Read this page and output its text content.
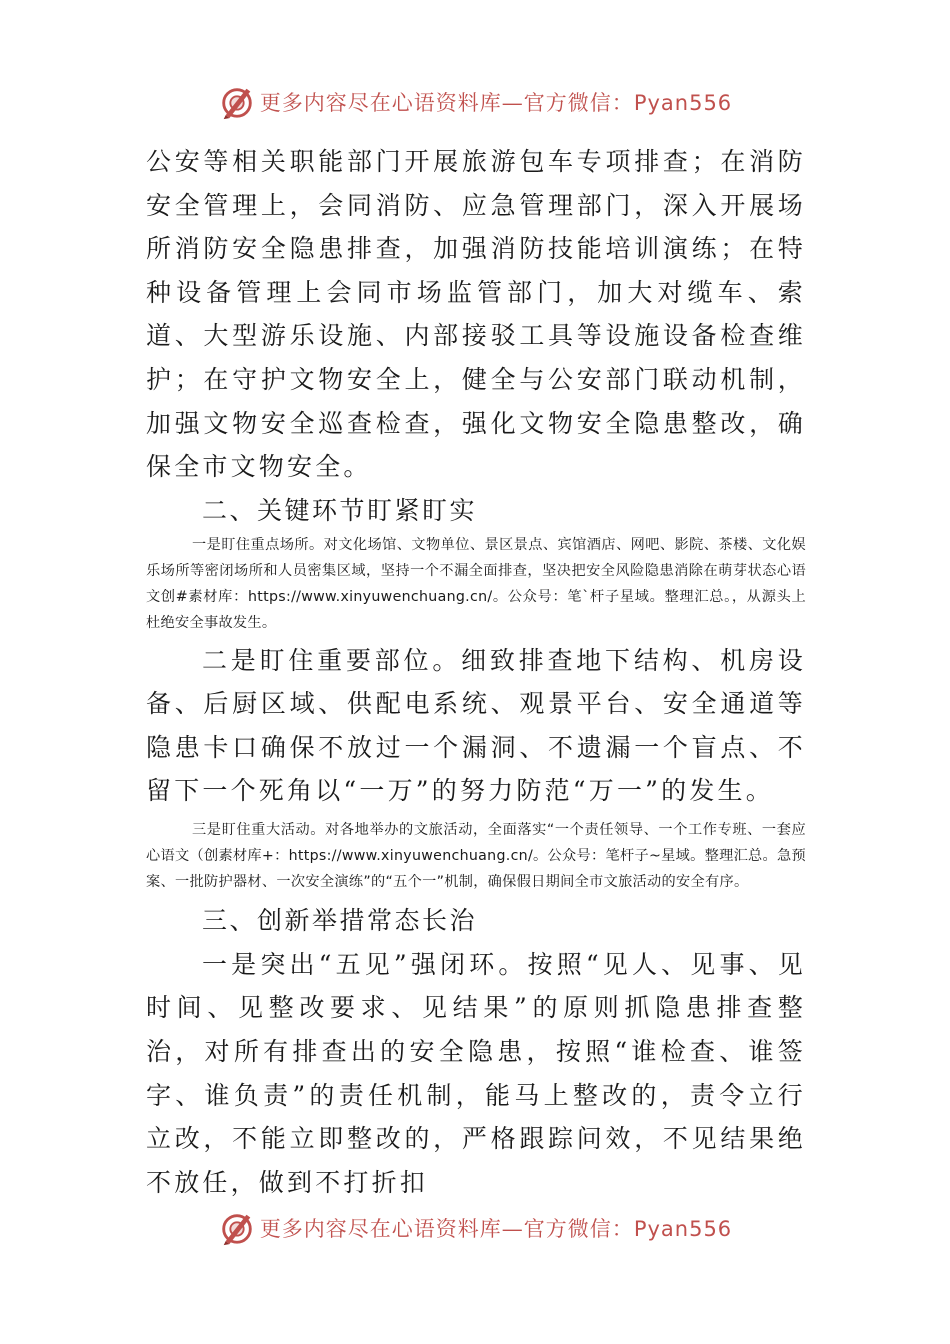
更多内容尽在心语资料库—官方微信：Pyan556

公安等相关职能部门开展旅游包车专项排查；在消防安全管理上，会同消防、应急管理部门，深入开展场所消防安全隐患排查，加强消防技能培训演练；在特种设备管理上会同市场监管部门，加大对缆车、索道、大型游乐设施、内部接驳工具等设施设备检查维护；在守护文物安全上，健全与公安部门联动机制，加强文物安全巡查检查，强化文物安全隐患整改，确保全市文物安全。

二、关键环节盯紧盯实

一是盯住重点场所。对文化场馆、文物单位、景区景点、宾馆酒店、网吧、影院、茶楼、文化娱乐场所等密闭场所和人员密集区域，坚持一个不漏全面排查，坚决把安全风险隐患消除在萌芽状态心语文创#素材库：https://www.xinyuwenchuang.cn/。公众号：笔`杆子星域。整理汇总。，从源头上杜绝安全事故发生。

二是盯住重要部位。细致排查地下结构、机房设备、后厨区域、供配电系统、观景平台、安全通道等隐患卡口确保不放过一个漏洞、不遗漏一个盲点、不留下一个死角以“一万”的努力防范“万一”的发生。

三是盯住重大活动。对各地举办的文旅活动，全面落实“一个责任领导、一个工作专班、一套应心语文（创素材库+：https://www.xinyuwenchuang.cn/。公众号：笔杆子~星域。整理汇总。急预案、一批防护器材、一次安全演练”的“五个一”机制，确保假日期间全市文旅活动的安全有序。

三、创新举措常态长治

一是突出“五见”强闭环。按照“见人、见事、见时间、见整改要求、见结果”的原则抓隐患排查整治，对所有排查出的安全隐患，按照“谁检查、谁签字、谁负责”的责任机制，能马上整改的，责令立行立改，不能立即整改的，严格跟踪问效，不见结果绝不放任，做到不打折扣

更多内容尽在心语资料库—官方微信：Pyan556
